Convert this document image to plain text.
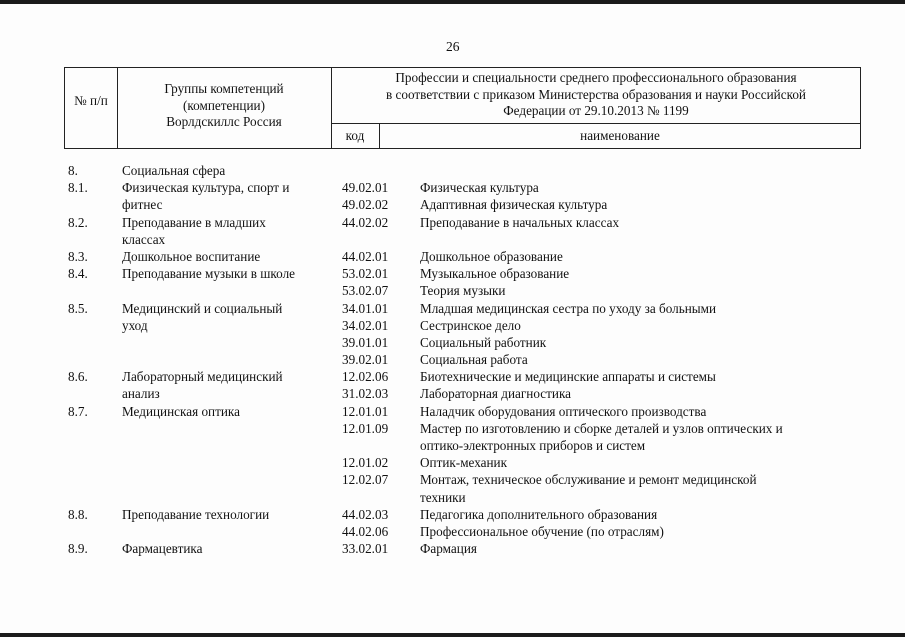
26
№ п/п
Группы компетенций
(компетенции)
Ворлдскиллс Россия
Профессии и специальности среднего профессионального образования
в соответствии с приказом Министерства образования и науки Российской
Федерации от 29.10.2013 № 1199
код	наименование
8.	Социальная сфера
8.1.	Физическая культура, спорт и	49.02.01 Физическая культура
фитнес	49.02.02 Адаптивная физическая культура
8.2.	Преподавание в младших	44.02.02 Преподавание в начальных классах
классах
8.3.	Дошкольное воспитание	44.02.01 Дошкольное образование
8.4.	Преподавание музыки в школе	53.02.01 Музыкальное образование
53.02.07 Теория музыки
8.5.	Медицинский и социальный	34.01.01 Младшая медицинская сестра по уходу за больными
уход	34.02.01 Сестринское дело
39.01.01 Социальный работник
39.02.01 Социальная работа
8.6.	Лабораторный медицинский	12.02.06 Биотехнические и медицинские аппараты и системы
анализ	31.02.03 Лабораторная диагностика
8.7.	Медицинская оптика	12.01.01 Наладчик оборудования оптического производства
12.01.09 Мастер по изготовлению и сборке деталей и узлов оптических и
оптико-электронных приборов и систем
12.01.02 Оптик-механик
12.02.07 Монтаж, техническое обслуживание и ремонт медицинской
техники
8.8.	Преподавание технологии	44.02.03 Педагогика дополнительного образования
44.02.06 Профессиональное обучение (по отраслям)
8.9.	Фармацевтика	33.02.01 Фармация
